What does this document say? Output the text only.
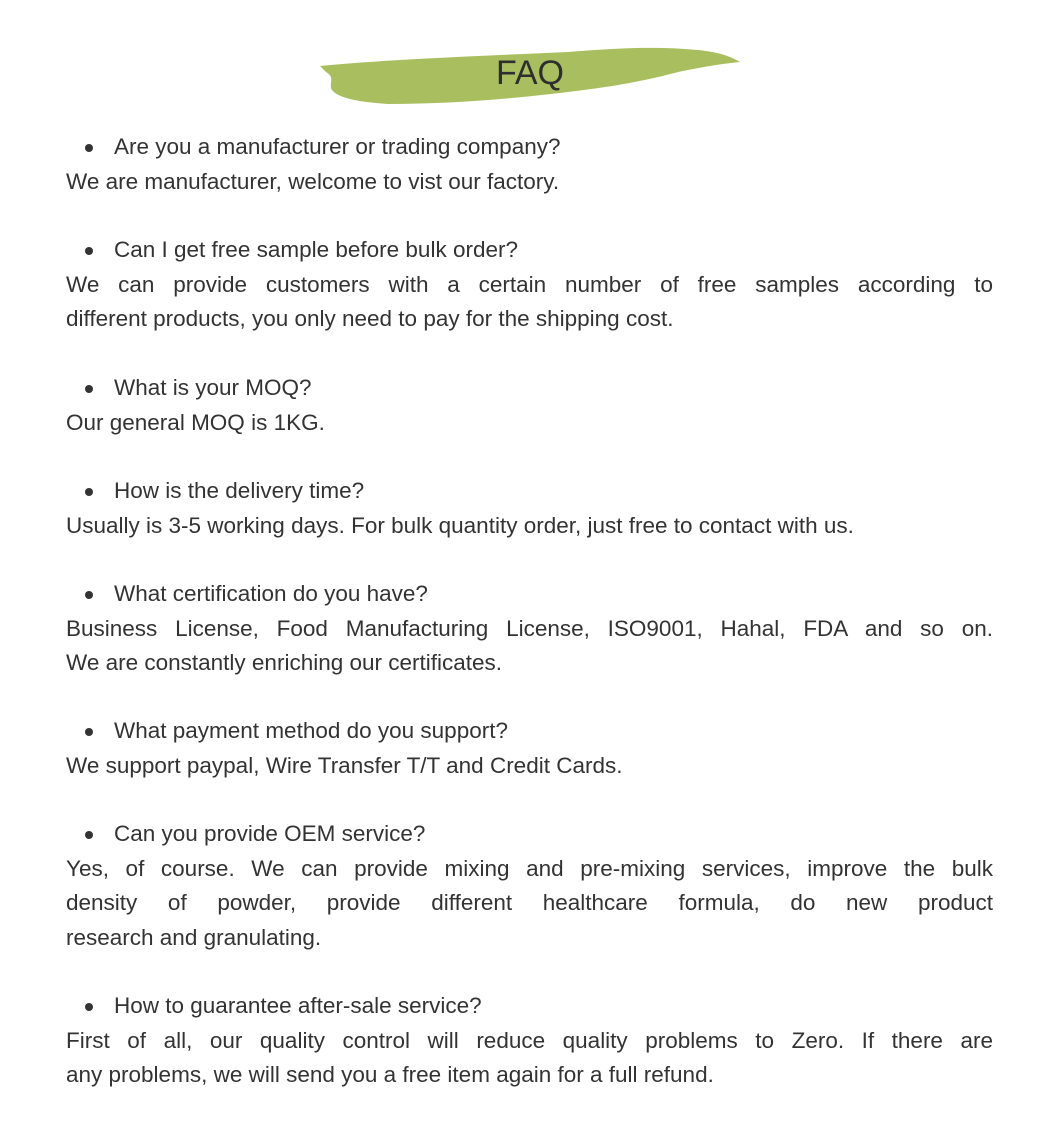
FAQ
Are you a manufacturer or trading company?
We are manufacturer, welcome to vist our factory.
Can I get free sample before bulk order?
We can provide customers with a certain number of free samples according to
different products, you only need to pay for the shipping cost.
What is your MOQ?
Our general MOQ is 1KG.
How is the delivery time?
Usually is 3-5 working days. For bulk quantity order, just free to contact with us.
What certification do you have?
Business License, Food Manufacturing License, ISO9001, Hahal, FDA and so on.
We are constantly enriching our certificates.
What payment method do you support?
We support paypal, Wire Transfer T/T and Credit Cards.
Can you provide OEM service?
Yes, of course. We can provide mixing and pre-mixing services, improve the bulk
density of powder, provide different healthcare formula, do new product
research and granulating.
How to guarantee after-sale service?
First of all, our quality control will reduce quality problems to Zero. If there are
any problems, we will send you a free item again for a full refund.
